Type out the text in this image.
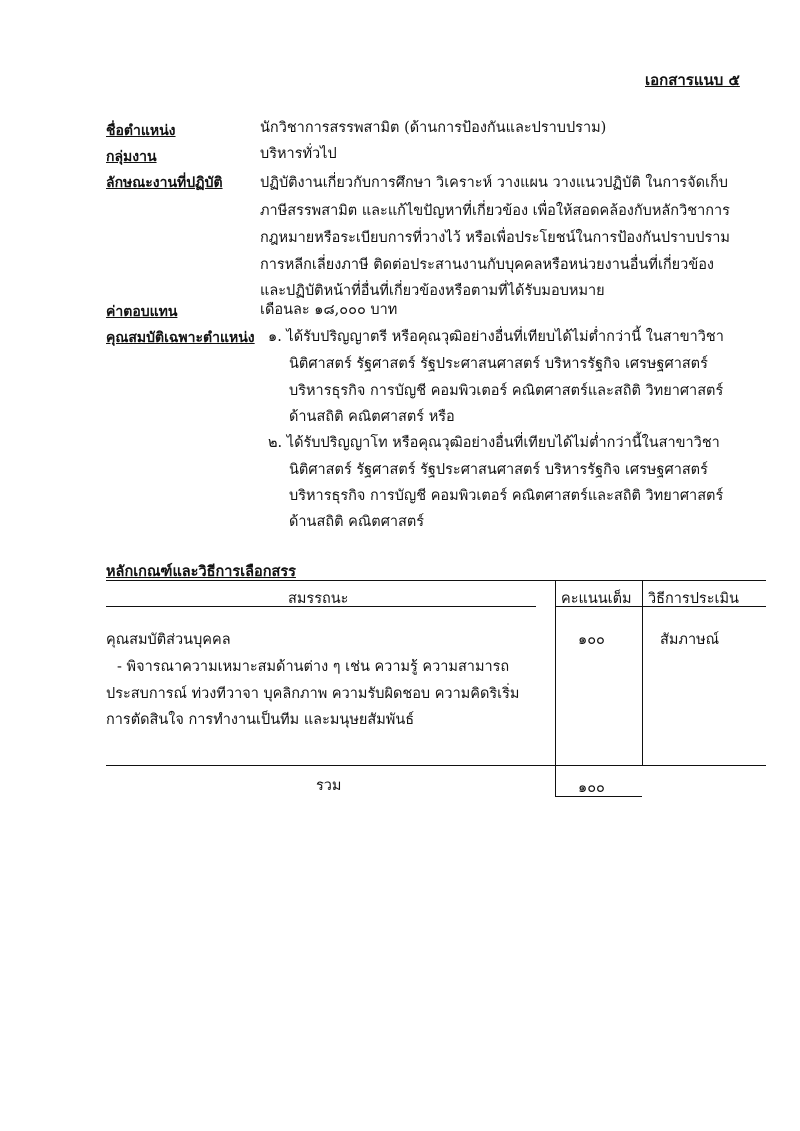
เอกสารแนบ ๕
ชื่อตำแหน่ง	นักวิชาการสรรพสามิต (ด้านการป้องกันและปราบปราม)
กลุ่มงาน	บริหารทั่วไป
ลักษณะงานที่ปฏิบัติ	ปฏิบัติงานเกี่ยวกับการศึกษา วิเคราะห์ วางแผน วางแนวปฏิบัติ ในการจัดเก็บ
ภาษีสรรพสามิต และแก้ไขปัญหาที่เกี่ยวข้อง เพื่อให้สอดคล้องกับหลักวิชาการ
กฎหมายหรือระเบียบการที่วางไว้ หรือเพื่อประโยชน์ในการป้องกันปราบปราม
การหลีกเลี่ยงภาษี ติดต่อประสานงานกับบุคคลหรือหน่วยงานอื่นที่เกี่ยวข้อง
และปฏิบัติหน้าที่อื่นที่เกี่ยวข้องหรือตามที่ได้รับมอบหมาย
ค่าตอบแทน	เดือนละ ๑๘,๐๐๐ บาท
คุณสมบัติเฉพาะตำแหน่ง ๑. ได้รับปริญญาตรี หรือคุณวุฒิอย่างอื่นที่เทียบได้ไม่ต่ำกว่านี้ ในสาขาวิชา
นิติศาสตร์ รัฐศาสตร์ รัฐประศาสนศาสตร์ บริหารรัฐกิจ เศรษฐศาสตร์
บริหารธุรกิจ การบัญชี คอมพิวเตอร์ คณิตศาสตร์และสถิติ วิทยาศาสตร์
ด้านสถิติ คณิตศาสตร์ หรือ
๒. ได้รับปริญญาโท หรือคุณวุฒิอย่างอื่นที่เทียบได้ไม่ต่ำกว่านี้ในสาขาวิชา
นิติศาสตร์ รัฐศาสตร์ รัฐประศาสนศาสตร์ บริหารรัฐกิจ เศรษฐศาสตร์
บริหารธุรกิจ การบัญชี คอมพิวเตอร์ คณิตศาสตร์และสถิติ วิทยาศาสตร์
ด้านสถิติ คณิตศาสตร์
หลักเกณฑ์และวิธีการเลือกสรร
สมรรถนะ	คะแนนเต็ม วิธีการประเมิน
คุณสมบัติส่วนบุคคล
- พิจารณาความเหมาะสมด้านต่าง ๆ เช่น ความรู้ ความสามารถ
ประสบการณ์ ท่วงทีวาจา บุคลิกภาพ ความรับผิดชอบ ความคิดริเริ่ม
การตัดสินใจ การทำงานเป็นทีม และมนุษยสัมพันธ์
๑๐๐	สัมภาษณ์
รวม	๑๐๐
